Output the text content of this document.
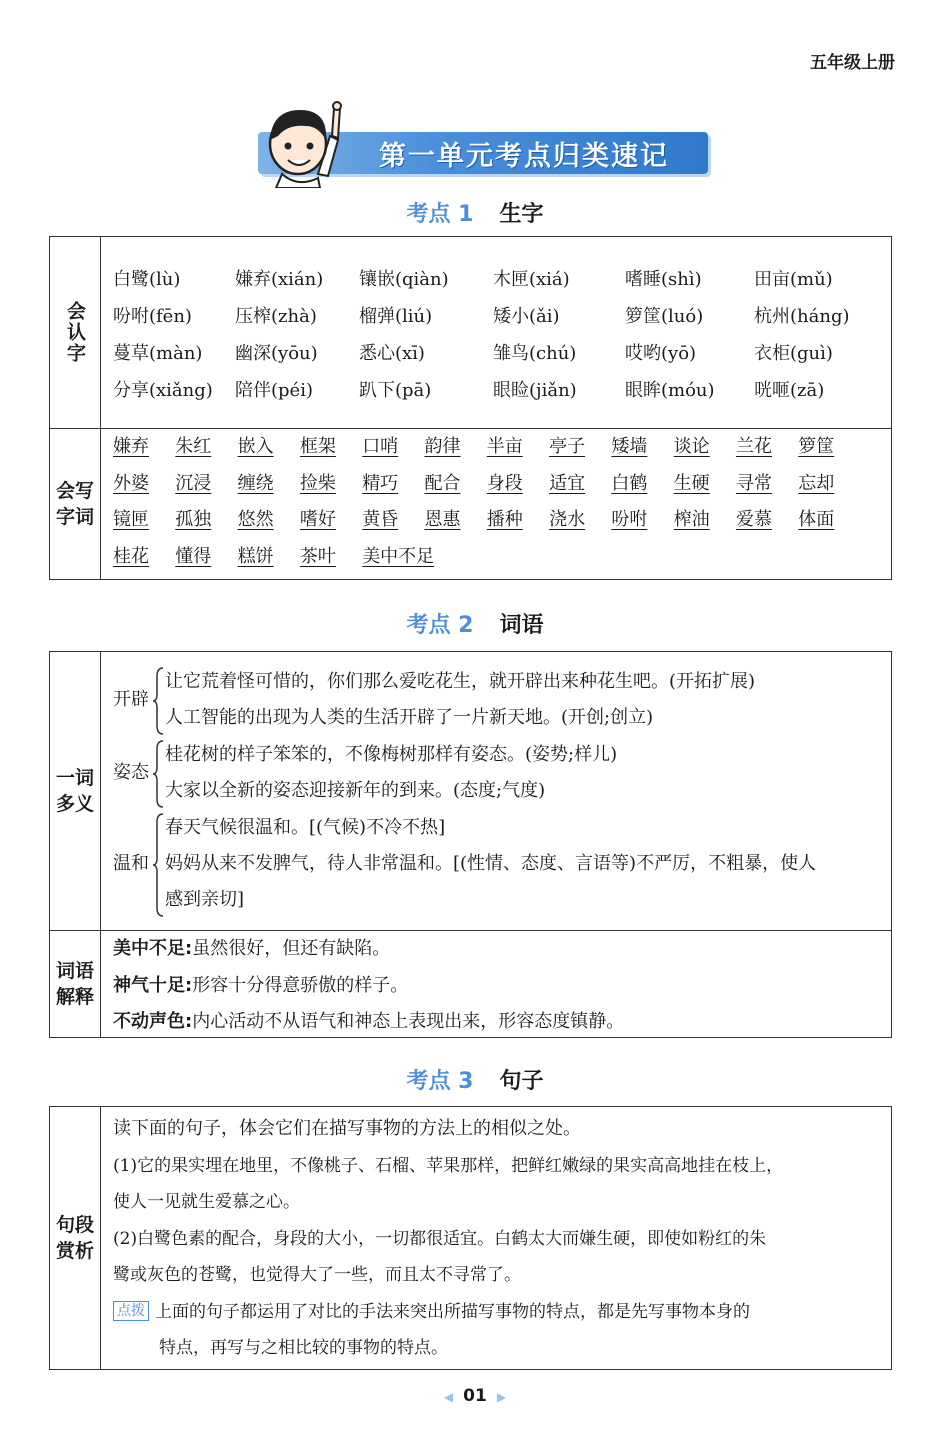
五年级上册
第一单元考点归类速记
考点 1 生字
会认字
白鹭(lù)	嫌弃(xián)	镶嵌(qiàn)	木匣(xiá)	嗜睡(shì)	田亩(mǔ)
吩咐(fēn)	压榨(zhà)	榴弹(liú)	矮小(ǎi)	箩筐(luó)	杭州(háng)
蔓草(màn)	幽深(yōu)	悉心(xī)	雏鸟(chú)	哎哟(yō)	衣柜(guì)
分享(xiǎng)	陪伴(péi)	趴下(pā)	眼睑(jiǎn)	眼眸(móu)	咣咂(zā)
会写字词
嫌弃	朱红	嵌入	框架	口哨	韵律	半亩	亭子	矮墙	谈论	兰花	箩筐
外婆	沉浸	缠绕	捡柴	精巧	配合	身段	适宜	白鹤	生硬	寻常	忘却
镜匣	孤独	悠然	嗜好	黄昏	恩惠	播种	浇水	吩咐	榨油	爱慕	体面
桂花	懂得	糕饼	茶叶	美中不足
考点 2 词语
一词多义
开辟
让它荒着怪可惜的，你们那么爱吃花生，就开辟出来种花生吧。(开拓扩展)
人工智能的出现为人类的生活开辟了一片新天地。(开创;创立)
姿态
桂花树的样子笨笨的，不像梅树那样有姿态。(姿势;样儿)
大家以全新的姿态迎接新年的到来。(态度;气度)
温和
春天气候很温和。[(气候)不冷不热]
妈妈从来不发脾气，待人非常温和。[(性情、态度、言语等)不严厉，不粗暴，使人
感到亲切]
词语解释
美中不足:虽然很好，但还有缺陷。
神气十足:形容十分得意骄傲的样子。
不动声色:内心活动不从语气和神态上表现出来，形容态度镇静。
考点 3 句子
句段赏析
读下面的句子，体会它们在描写事物的方法上的相似之处。
(1)它的果实埋在地里，不像桃子、石榴、苹果那样，把鲜红嫩绿的果实高高地挂在枝上，
使人一见就生爱慕之心。
(2)白鹭色素的配合，身段的大小，一切都很适宜。白鹤太大而嫌生硬，即使如粉红的朱
鹭或灰色的苍鹭，也觉得大了一些，而且太不寻常了。
点拨 上面的句子都运用了对比的手法来突出所描写事物的特点，都是先写事物本身的
特点，再写与之相比较的事物的特点。
◀ 01 ▶
